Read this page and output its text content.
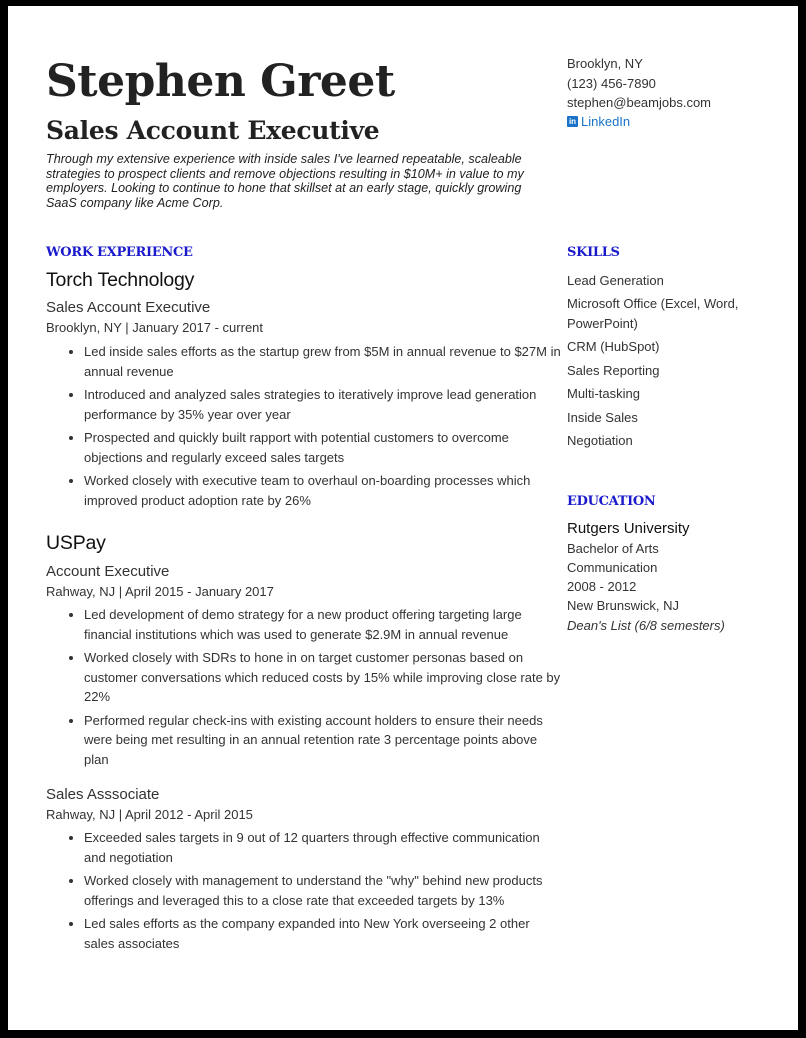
Stephen Greet
Sales Account Executive
Through my extensive experience with inside sales I've learned repeatable, scaleable strategies to prospect clients and remove objections resulting in $10M+ in value to my employers. Looking to continue to hone that skillset at an early stage, quickly growing SaaS company like Acme Corp.
Brooklyn, NY
(123) 456-7890
stephen@beamjobs.com
in LinkedIn
WORK EXPERIENCE
Torch Technology
Sales Account Executive
Brooklyn, NY | January 2017 - current
• Led inside sales efforts as the startup grew from $5M in annual revenue to $27M in annual revenue
• Introduced and analyzed sales strategies to iteratively improve lead generation performance by 35% year over year
• Prospected and quickly built rapport with potential customers to overcome objections and regularly exceed sales targets
• Worked closely with executive team to overhaul on-boarding processes which improved product adoption rate by 26%
USPay
Account Executive
Rahway, NJ | April 2015 - January 2017
• Led development of demo strategy for a new product offering targeting large financial institutions which was used to generate $2.9M in annual revenue
• Worked closely with SDRs to hone in on target customer personas based on customer conversations which reduced costs by 15% while improving close rate by 22%
• Performed regular check-ins with existing account holders to ensure their needs were being met resulting in an annual retention rate 3 percentage points above plan
Sales Asssociate
Rahway, NJ | April 2012 - April 2015
• Exceeded sales targets in 9 out of 12 quarters through effective communication and negotiation
• Worked closely with management to understand the "why" behind new products offerings and leveraged this to a close rate that exceeded targets by 13%
• Led sales efforts as the company expanded into New York overseeing 2 other sales associates
SKILLS
Lead Generation
Microsoft Office (Excel, Word, PowerPoint)
CRM (HubSpot)
Sales Reporting
Multi-tasking
Inside Sales
Negotiation
EDUCATION
Rutgers University
Bachelor of Arts
Communication
2008 - 2012
New Brunswick, NJ
Dean's List (6/8 semesters)
